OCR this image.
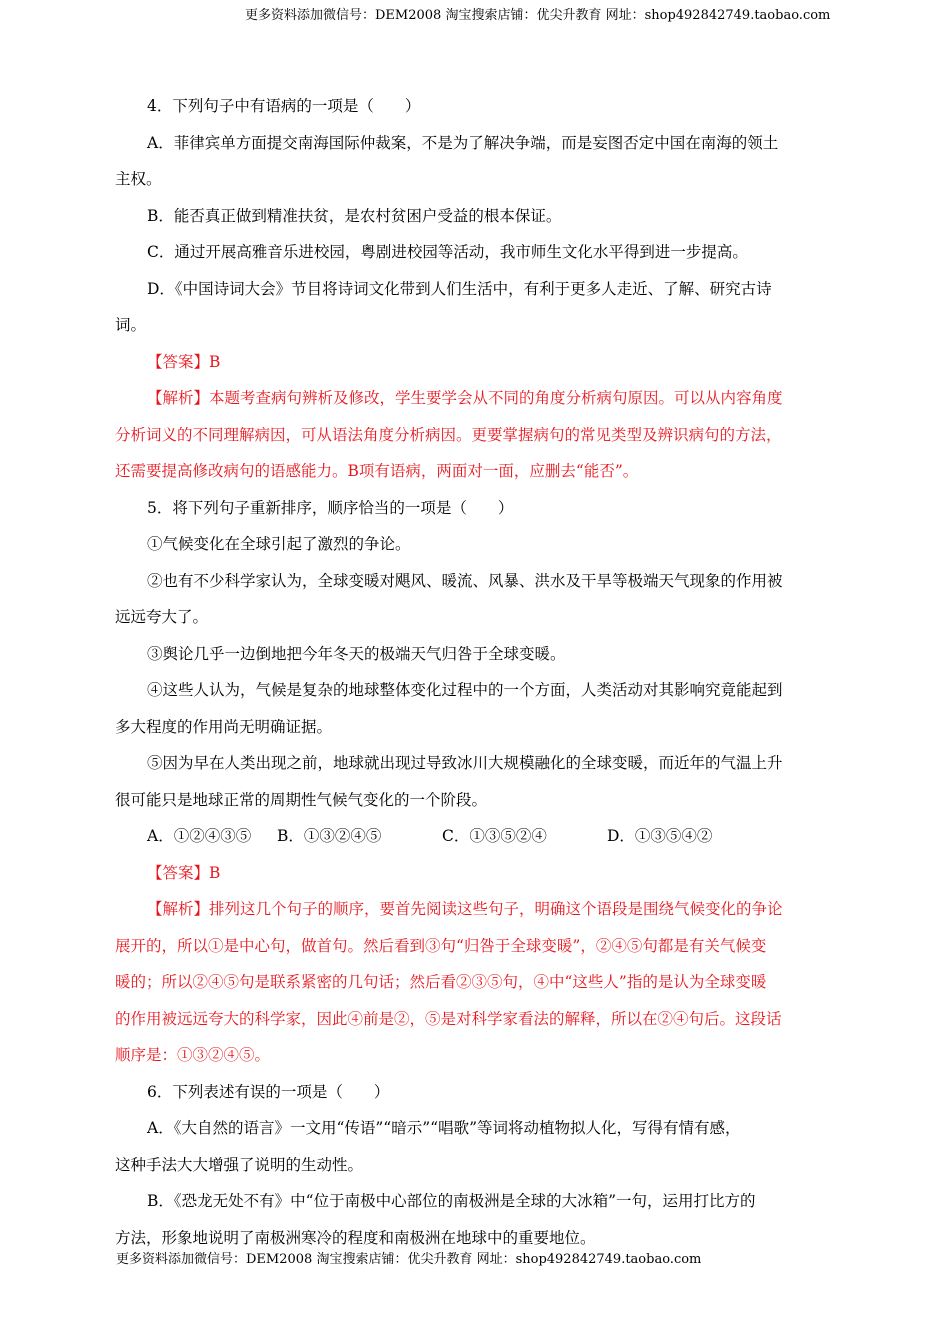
更多资料添加微信号：DEM2008 淘宝搜索店铺：优尖升教育 网址：shop492842749.taobao.com
4．下列句子中有语病的一项是（　　）
A．菲律宾单方面提交南海国际仲裁案，不是为了解决争端，而是妄图否定中国在南海的领土
主权。
B．能否真正做到精准扶贫，是农村贫困户受益的根本保证。
C．通过开展高雅音乐进校园，粤剧进校园等活动，我市师生文化水平得到进一步提高。
D．《中国诗词大会》节目将诗词文化带到人们生活中，有利于更多人走近、了解、研究古诗
词。
【答案】B
【解析】本题考查病句辨析及修改，学生要学会从不同的角度分析病句原因。可以从内容角度
分析词义的不同理解病因，可从语法角度分析病因。更要掌握病句的常见类型及辨识病句的方法，
还需要提高修改病句的语感能力。B项有语病，两面对一面，应删去“能否”。
5．将下列句子重新排序，顺序恰当的一项是（　　）
①气候变化在全球引起了激烈的争论。
②也有不少科学家认为，全球变暖对飓风、暖流、风暴、洪水及干旱等极端天气现象的作用被
远远夸大了。
③舆论几乎一边倒地把今年冬天的极端天气归咎于全球变暖。
④这些人认为，气候是复杂的地球整体变化过程中的一个方面，人类活动对其影响究竟能起到
多大程度的作用尚无明确证据。
⑤因为早在人类出现之前，地球就出现过导致冰川大规模融化的全球变暖，而近年的气温上升
很可能只是地球正常的周期性气候气变化的一个阶段。
A．①②④③⑤	B．①③②④⑤	C．①③⑤②④	D．①③⑤④②
【答案】B
【解析】排列这几个句子的顺序，要首先阅读这些句子，明确这个语段是围绕气候变化的争论
展开的，所以①是中心句，做首句。然后看到③句“归咎于全球变暖”，②④⑤句都是有关气候变
暖的；所以②④⑤句是联系紧密的几句话；然后看②③⑤句，④中“这些人”指的是认为全球变暖
的作用被远远夸大的科学家，因此④前是②，⑤是对科学家看法的解释，所以在②④句后。这段话
顺序是：①③②④⑤。
6．下列表述有误的一项是（　　）
A．《大自然的语言》一文用“传语”“暗示”“唱歌”等词将动植物拟人化，写得有情有感，
这种手法大大增强了说明的生动性。
B．《恐龙无处不有》中“位于南极中心部位的南极洲是全球的大冰箱”一句，运用打比方的
方法，形象地说明了南极洲寒冷的程度和南极洲在地球中的重要地位。
更多资料添加微信号：DEM2008 淘宝搜索店铺：优尖升教育 网址：shop492842749.taobao.com
